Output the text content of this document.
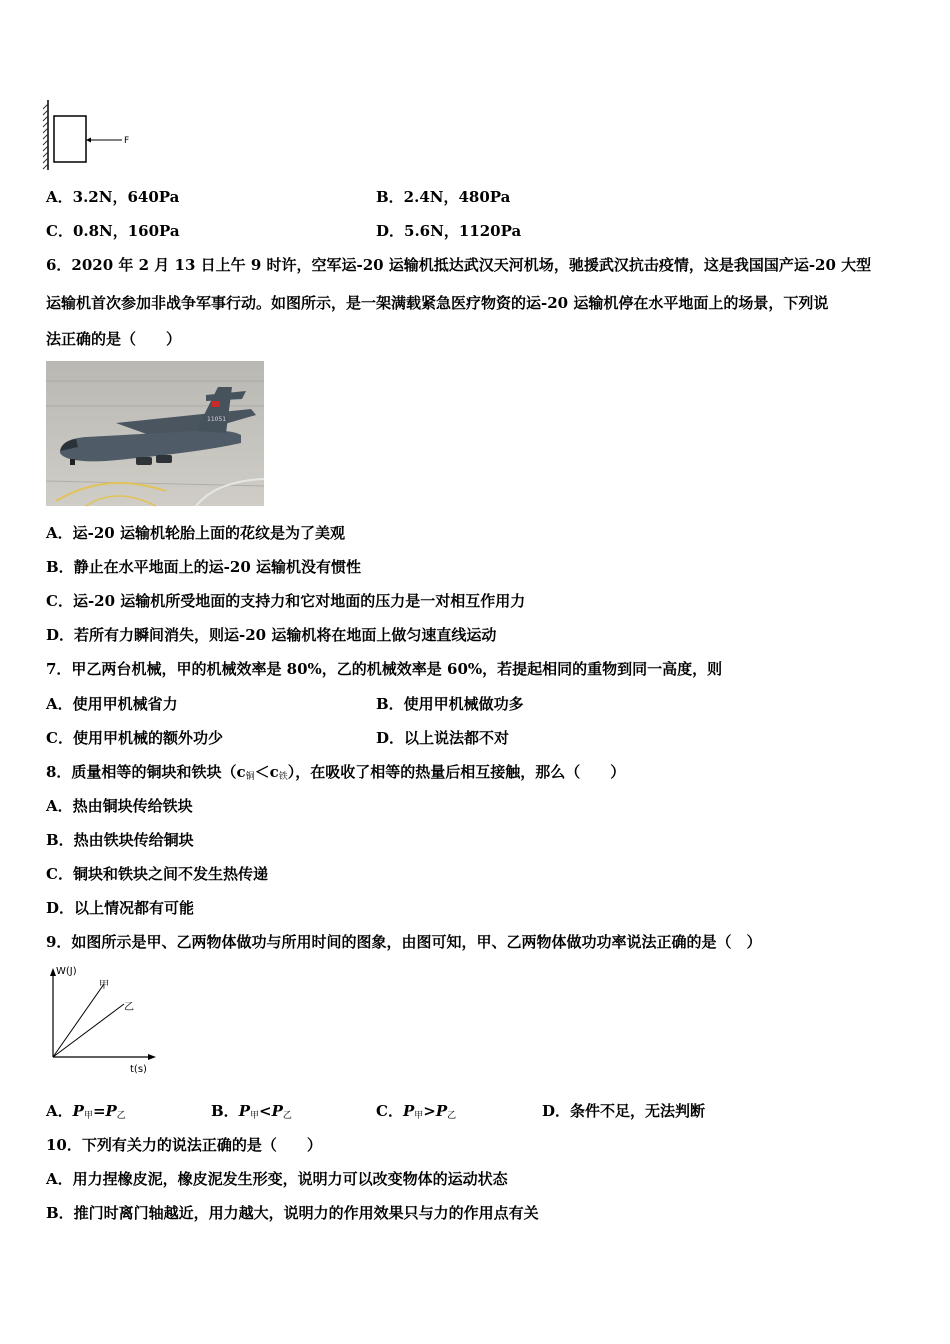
F
A．3.2N，640Pa	B．2.4N，480Pa
C．0.8N，160Pa	D．5.6N，1120Pa
6．2020 年 2 月 13 日上午 9 时许，空军运-20 运输机抵达武汉天河机场，驰援武汉抗击疫情，这是我国国产运-20 大型
运输机首次参加非战争军事行动。如图所示，是一架满载紧急医疗物资的运-20 运输机停在水平地面上的场景，下列说
法正确的是（　　）
11051
A．运-20 运输机轮胎上面的花纹是为了美观
B．静止在水平地面上的运-20 运输机没有惯性
C．运-20 运输机所受地面的支持力和它对地面的压力是一对相互作用力
D．若所有力瞬间消失，则运-20 运输机将在地面上做匀速直线运动
7．甲乙两台机械，甲的机械效率是 80%，乙的机械效率是 60%，若提起相同的重物到同一高度，则
A．使用甲机械省力	B．使用甲机械做功多
C．使用甲机械的额外功少	D．以上说法都不对
8．质量相等的铜块和铁块$(c_铜<c_铁)$，在吸收了相等的热量后相互接触，那么（　　）
A．热由铜块传给铁块
B．热由铁块传给铜块
C．铜块和铁块之间不发生热传递
D．以上情况都有可能
9．如图所示是甲、乙两物体做功与所用时间的图象，由图可知，甲、乙两物体做功功率说法正确的是（　）
W(J)
t(s)
甲
乙
A．$P_甲=P_乙$	B．$P_甲<P_乙$	C．$P_甲>P_乙$	D．条件不足，无法判断
10．下列有关力的说法正确的是（　　）
A．用力捏橡皮泥，橡皮泥发生形变，说明力可以改变物体的运动状态
B．推门时离门轴越近，用力越大，说明力的作用效果只与力的作用点有关
